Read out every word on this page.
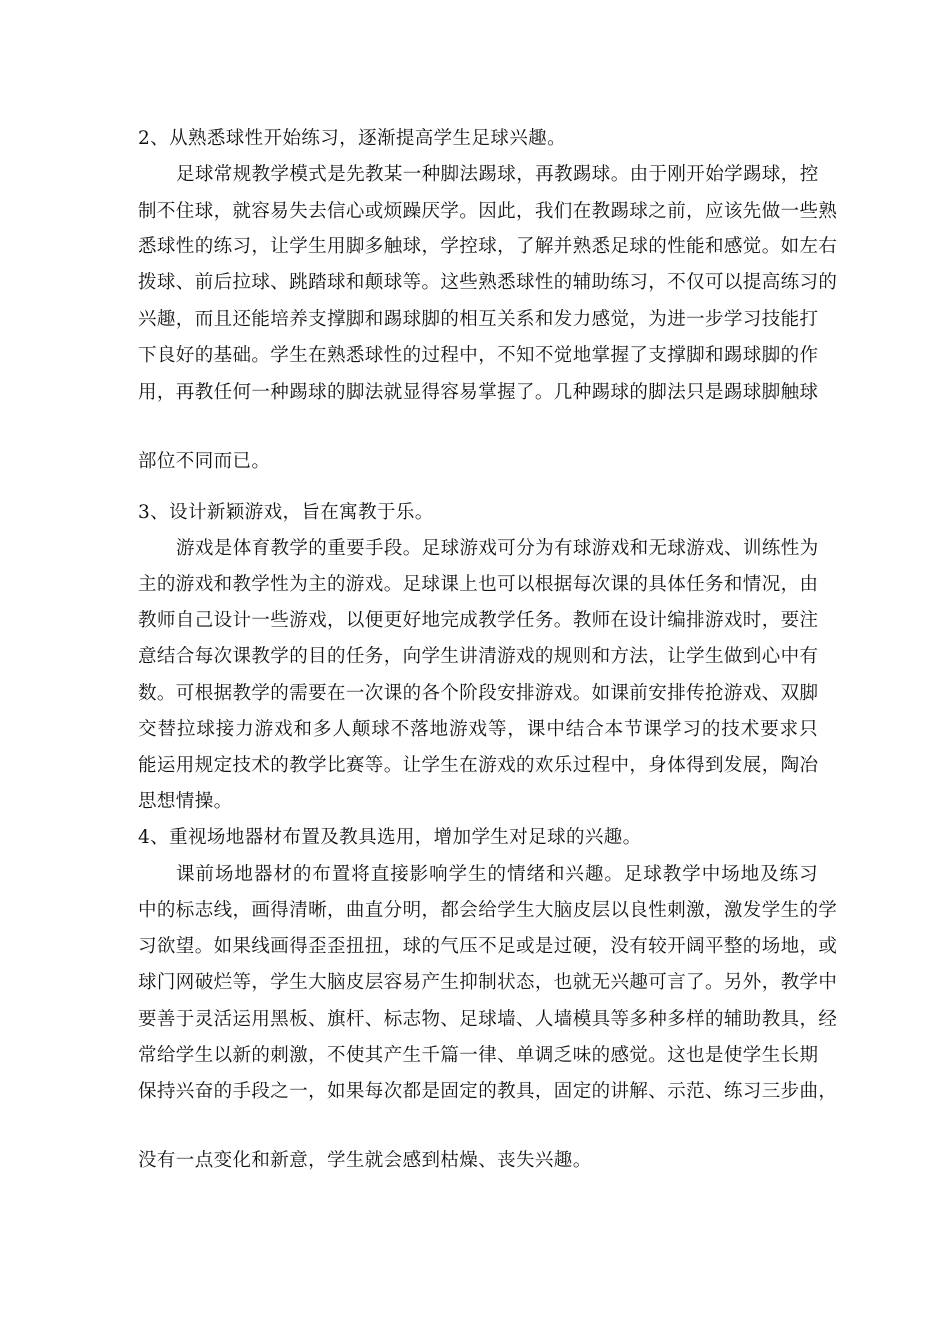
2、从熟悉球性开始练习，逐渐提高学生足球兴趣。
足球常规教学模式是先教某一种脚法踢球，再教踢球。由于刚开始学踢球，控
制不住球，就容易失去信心或烦躁厌学。因此，我们在教踢球之前，应该先做一些熟
悉球性的练习，让学生用脚多触球，学控球，了解并熟悉足球的性能和感觉。如左右
拨球、前后拉球、跳踏球和颠球等。这些熟悉球性的辅助练习，不仅可以提高练习的
兴趣，而且还能培养支撑脚和踢球脚的相互关系和发力感觉，为进一步学习技能打
下良好的基础。学生在熟悉球性的过程中，不知不觉地掌握了支撑脚和踢球脚的作
用，再教任何一种踢球的脚法就显得容易掌握了。几种踢球的脚法只是踢球脚触球
部位不同而已。
3、设计新颖游戏，旨在寓教于乐。
游戏是体育教学的重要手段。足球游戏可分为有球游戏和无球游戏、训练性为
主的游戏和教学性为主的游戏。足球课上也可以根据每次课的具体任务和情况，由
教师自己设计一些游戏，以便更好地完成教学任务。教师在设计编排游戏时，要注
意结合每次课教学的目的任务，向学生讲清游戏的规则和方法，让学生做到心中有
数。可根据教学的需要在一次课的各个阶段安排游戏。如课前安排传抢游戏、双脚
交替拉球接力游戏和多人颠球不落地游戏等，课中结合本节课学习的技术要求只
能运用规定技术的教学比赛等。让学生在游戏的欢乐过程中，身体得到发展，陶冶
思想情操。
4、重视场地器材布置及教具选用，增加学生对足球的兴趣。
课前场地器材的布置将直接影响学生的情绪和兴趣。足球教学中场地及练习
中的标志线，画得清晰，曲直分明，都会给学生大脑皮层以良性刺激，激发学生的学
习欲望。如果线画得歪歪扭扭，球的气压不足或是过硬，没有较开阔平整的场地，或
球门网破烂等，学生大脑皮层容易产生抑制状态，也就无兴趣可言了。另外，教学中
要善于灵活运用黑板、旗杆、标志物、足球墙、人墙模具等多种多样的辅助教具，经
常给学生以新的刺激，不使其产生千篇一律、单调乏味的感觉。这也是使学生长期
保持兴奋的手段之一，如果每次都是固定的教具，固定的讲解、示范、练习三步曲，
没有一点变化和新意，学生就会感到枯燥、丧失兴趣。
